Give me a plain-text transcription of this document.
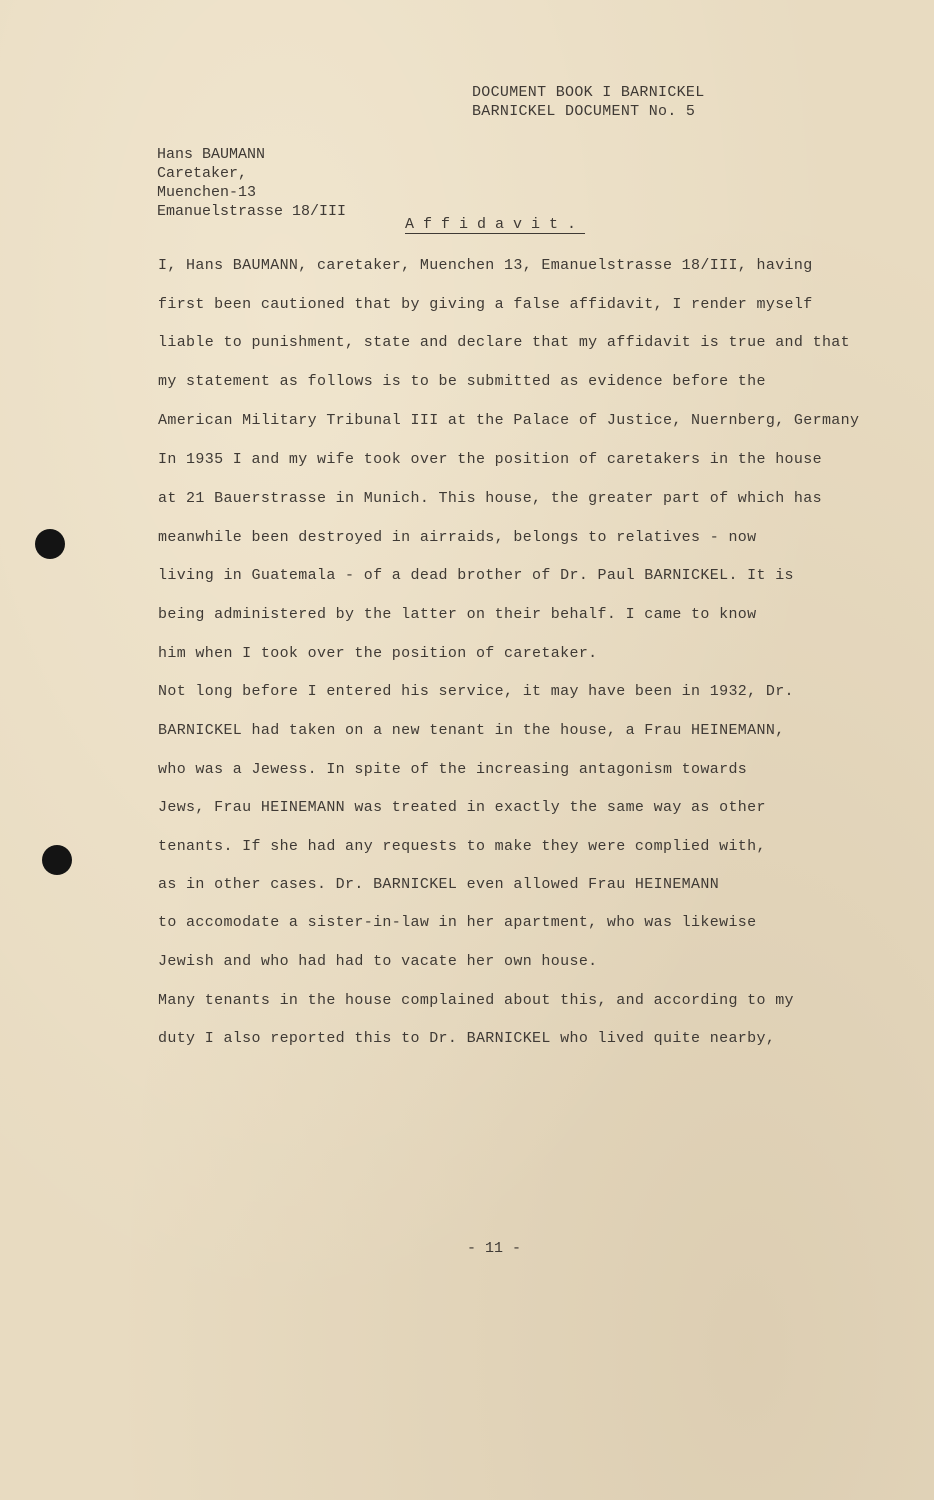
DOCUMENT BOOK I BARNICKEL
BARNICKEL DOCUMENT No. 5
Hans BAUMANN
Caretaker,
Muenchen-13
Emanuelstrasse 18/III
Affidavit.
I, Hans BAUMANN, caretaker, Muenchen 13, Emanuelstrasse 18/III, having
first been cautioned that by giving a false affidavit, I render myself
liable to punishment, state and declare that my affidavit is true and that
my statement as follows is to be submitted as evidence before the
American Military Tribunal III at the Palace of Justice, Nuernberg, Germany
In 1935 I and my wife took over the position of caretakers in the house
at 21 Bauerstrasse in Munich. This house, the greater part of which has
meanwhile been destroyed in airraids, belongs to relatives - now
living in Guatemala - of a dead brother of Dr. Paul BARNICKEL. It is
being administered by the latter on their behalf. I came to know
him when I took over the position of caretaker.
Not long before I entered his service, it may have been in 1932, Dr.
BARNICKEL had taken on a new tenant in the house, a Frau HEINEMANN,
who was a Jewess. In spite of the increasing antagonism towards
Jews, Frau HEINEMANN was treated in exactly the same way as other
tenants. If she had any requests to make they were complied with,
as in other cases. Dr. BARNICKEL even allowed Frau HEINEMANN
to accomodate a sister-in-law in her apartment, who was likewise
Jewish and who had had to vacate her own house.
Many tenants in the house complained about this, and according to my
duty I also reported this to Dr. BARNICKEL who lived quite nearby,
- 11 -
